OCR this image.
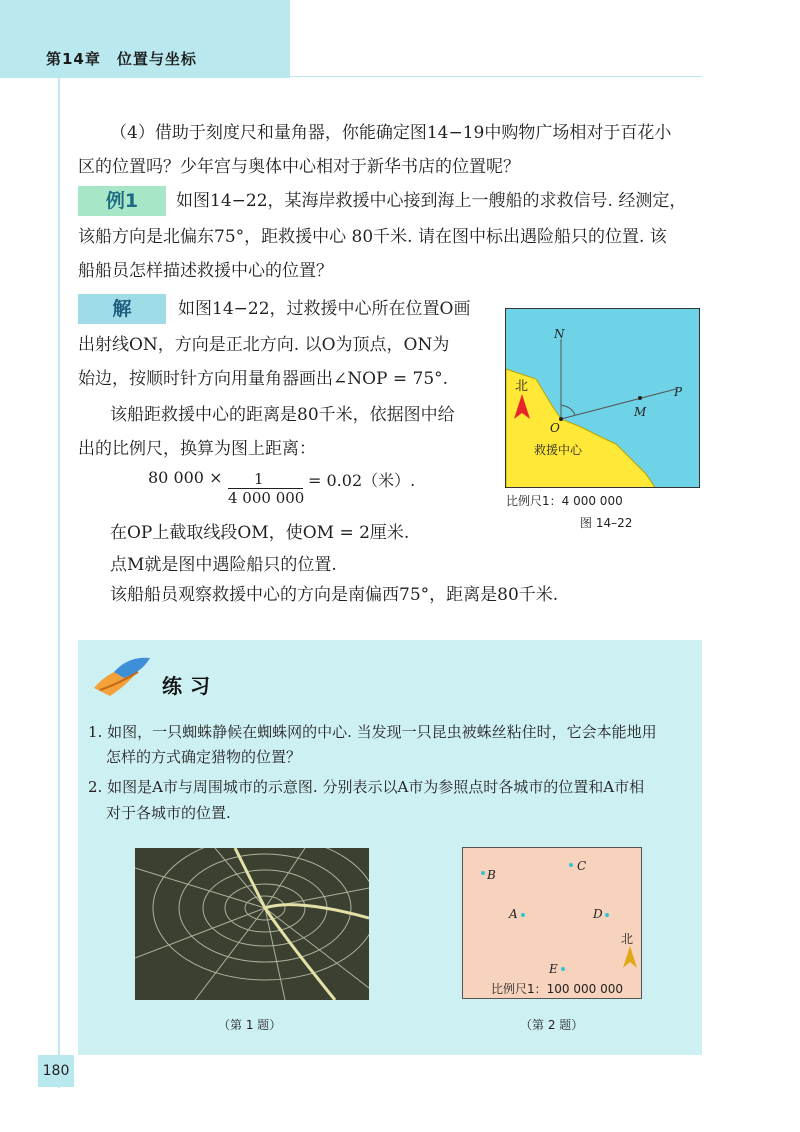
第14章 位置与坐标
（4）借助于刻度尺和量角器，你能确定图14−19中购物广场相对于百花小
区的位置吗？少年宫与奥体中心相对于新华书店的位置呢？
例1	如图14−22，某海岸救援中心接到海上一艘船的求救信号. 经测定，
该船方向是北偏东75°，距救援中心 80千米. 请在图中标出遇险船只的位置. 该
船船员怎样描述救援中心的位置？
解	如图14−22，过救援中心所在位置O画
出射线ON，方向是正北方向. 以O为顶点，ON为
始边，按顺时针方向用量角器画出∠NOP = 75°.
该船距救援中心的距离是80千米，依据图中给
出的比例尺，换算为图上距离：
80 000 × 1
4 000 000
= 0.02（米）.
在OP上截取线段OM，使OM = 2厘米.
点M就是图中遇险船只的位置.
该船船员观察救援中心的方向是南偏西75°，距离是80千米.
N
P
M
O
北
救援中心
比例尺1：4 000 000
图 14–22
练习
1. 如图，一只蜘蛛静候在蜘蛛网的中心. 当发现一只昆虫被蛛丝粘住时，它会本能地用
怎样的方式确定猎物的位置？
2. 如图是A市与周围城市的示意图. 分别表示以A市为参照点时各城市的位置和A市相
对于各城市的位置.
B
C
A	D
E
北
比例尺1：100 000 000
（第 1 题）	（第 2 题）
180
